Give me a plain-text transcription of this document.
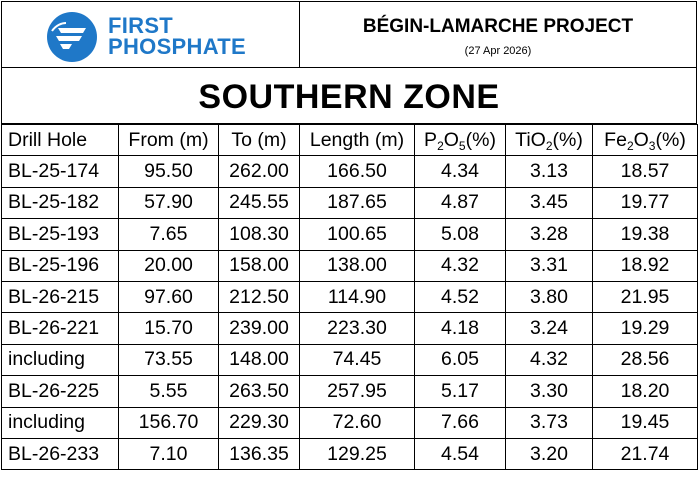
FIRST
PHOSPHATE
BÉGIN-LAMARCHE PROJECT
(27 Apr 2026)
SOUTHERN ZONE
Drill Hole	From (m)	To (m)	Length (m)	$P_2O_5(\%)$	TiO$_2$(%)	$Fe_2O_3(\%)$
BL-25-174	95.50	262.00	166.50	4.34	3.13	18.57
BL-25-182	57.90	245.55	187.65	4.87	3.45	19.77
BL-25-193	7.65	108.30	100.65	5.08	3.28	19.38
BL-25-196	20.00	158.00	138.00	4.32	3.31	18.92
BL-26-215	97.60	212.50	114.90	4.52	3.80	21.95
BL-26-221	15.70	239.00	223.30	4.18	3.24	19.29
including	73.55	148.00	74.45	6.05	4.32	28.56
BL-26-225	5.55	263.50	257.95	5.17	3.30	18.20
including	156.70	229.30	72.60	7.66	3.73	19.45
BL-26-233	7.10	136.35	129.25	4.54	3.20	21.74
